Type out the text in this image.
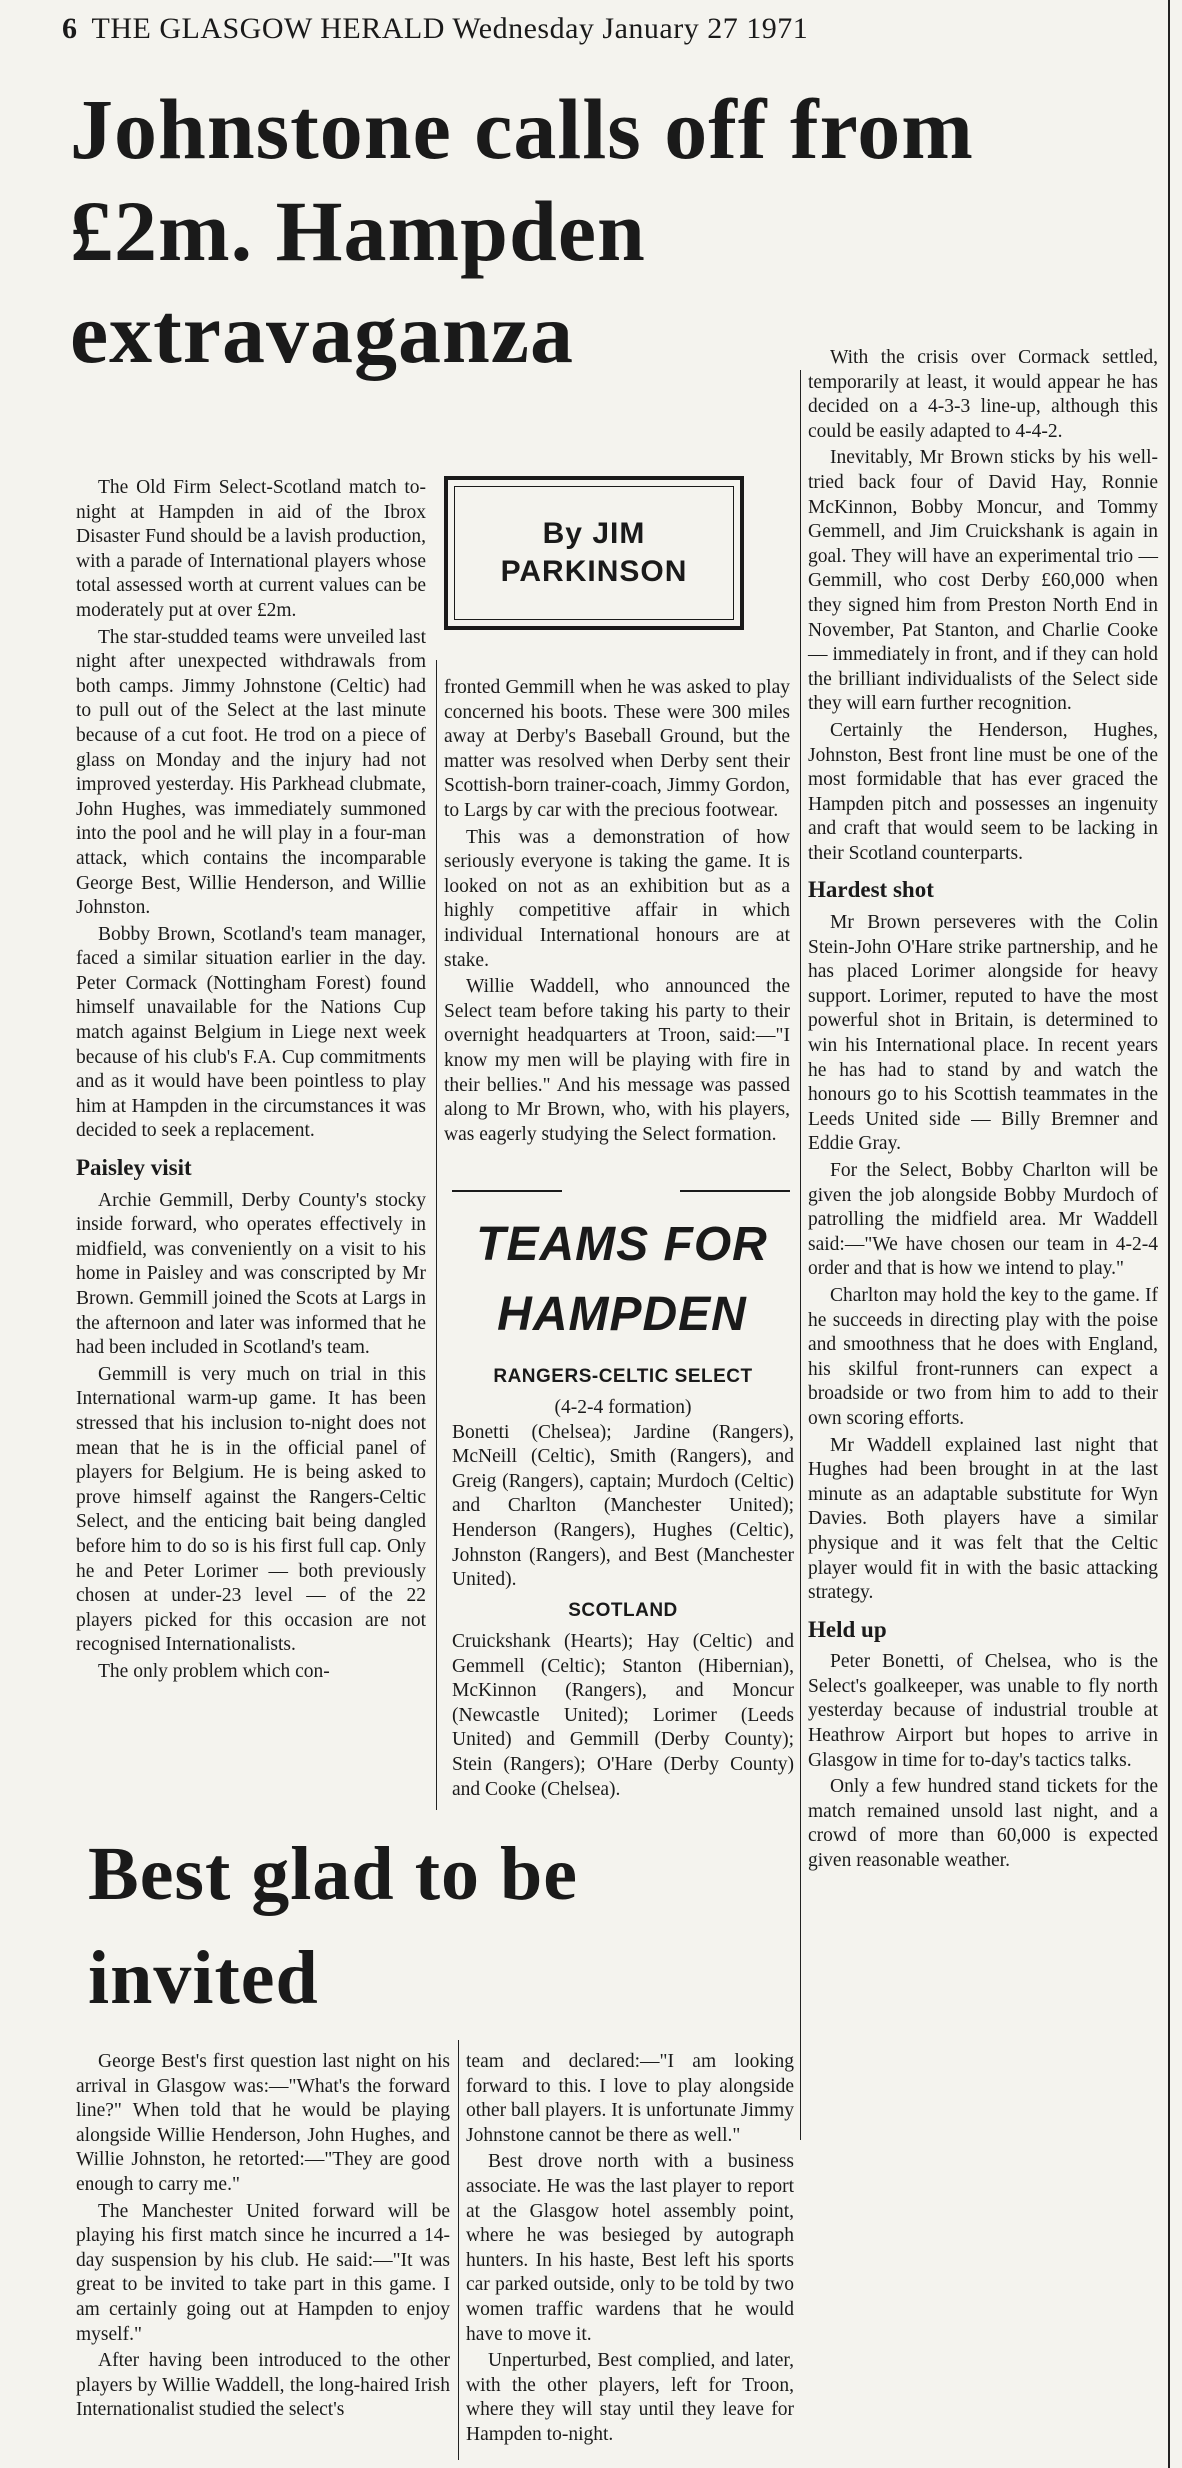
6 THE GLASGOW HERALD Wednesday January 27 1971
Johnstone calls off from £2m. Hampden extravaganza

The Old Firm Select-Scotland match to-night at Hampden in aid of the Ibrox Disaster Fund should be a lavish production, with a parade of International players whose total assessed worth at current values can be moderately put at over £2m.

The star-studded teams were unveiled last night after unexpected withdrawals from both camps. Jimmy Johnstone (Celtic) had to pull out of the Select at the last minute because of a cut foot. He trod on a piece of glass on Monday and the injury had not improved yesterday. His Parkhead clubmate, John Hughes, was immediately summoned into the pool and he will play in a four-man attack, which contains the incomparable George Best, Willie Henderson, and Willie Johnston.

Bobby Brown, Scotland's team manager, faced a similar situation earlier in the day. Peter Cormack (Nottingham Forest) found himself unavailable for the Nations Cup match against Belgium in Liege next week because of his club's F.A. Cup commitments and as it would have been pointless to play him at Hampden in the circumstances it was decided to seek a replacement.

Paisley visit

Archie Gemmill, Derby County's stocky inside forward, who operates effectively in midfield, was conveniently on a visit to his home in Paisley and was conscripted by Mr Brown. Gemmill joined the Scots at Largs in the afternoon and later was informed that he had been included in Scotland's team.

Gemmill is very much on trial in this International warm-up game. It has been stressed that his inclusion to-night does not mean that he is in the official panel of players for Belgium. He is being asked to prove himself against the Rangers-Celtic Select, and the enticing bait being dangled before him to do so is his first full cap. Only he and Peter Lorimer — both previously chosen at under-23 level — of the 22 players picked for this occasion are not recognised Internationalists.

The only problem which con-

By JIM PARKINSON

fronted Gemmill when he was asked to play concerned his boots. These were 300 miles away at Derby's Baseball Ground, but the matter was resolved when Derby sent their Scottish-born trainer-coach, Jimmy Gordon, to Largs by car with the precious footwear.

This was a demonstration of how seriously everyone is taking the game. It is looked on not as an exhibition but as a highly competitive affair in which individual International honours are at stake.

Willie Waddell, who announced the Select team before taking his party to their overnight headquarters at Troon, said:—"I know my men will be playing with fire in their bellies." And his message was passed along to Mr Brown, who, with his players, was eagerly studying the Select formation.

TEAMS FOR
HAMPDEN
RANGERS-CELTIC SELECT

(4-2-4 formation)

Bonetti (Chelsea); Jardine (Rangers), McNeill (Celtic), Smith (Rangers), and Greig (Rangers), captain; Murdoch (Celtic) and Charlton (Manchester United); Henderson (Rangers), Hughes (Celtic), Johnston (Rangers), and Best (Manchester United).

SCOTLAND

Cruickshank (Hearts); Hay (Celtic) and Gemmell (Celtic); Stanton (Hibernian), McKinnon (Rangers), and Moncur (Newcastle United); Lorimer (Leeds United) and Gemmill (Derby County); Stein (Rangers); O'Hare (Derby County) and Cooke (Chelsea).

With the crisis over Cormack settled, temporarily at least, it would appear he has decided on a 4-3-3 line-up, although this could be easily adapted to 4-4-2.

Inevitably, Mr Brown sticks by his well-tried back four of David Hay, Ronnie McKinnon, Bobby Moncur, and Tommy Gemmell, and Jim Cruickshank is again in goal. They will have an experimental trio — Gemmill, who cost Derby £60,000 when they signed him from Preston North End in November, Pat Stanton, and Charlie Cooke — immediately in front, and if they can hold the brilliant individualists of the Select side they will earn further recognition.

Certainly the Henderson, Hughes, Johnston, Best front line must be one of the most formidable that has ever graced the Hampden pitch and possesses an ingenuity and craft that would seem to be lacking in their Scotland counterparts.

Hardest shot

Mr Brown perseveres with the Colin Stein-John O'Hare strike partnership, and he has placed Lorimer alongside for heavy support. Lorimer, reputed to have the most powerful shot in Britain, is determined to win his International place. In recent years he has had to stand by and watch the honours go to his Scottish teammates in the Leeds United side — Billy Bremner and Eddie Gray.

For the Select, Bobby Charlton will be given the job alongside Bobby Murdoch of patrolling the midfield area. Mr Waddell said:—"We have chosen our team in 4-2-4 order and that is how we intend to play."

Charlton may hold the key to the game. If he succeeds in directing play with the poise and smoothness that he does with England, his skilful front-runners can expect a broadside or two from him to add to their own scoring efforts.

Mr Waddell explained last night that Hughes had been brought in at the last minute as an adaptable substitute for Wyn Davies. Both players have a similar physique and it was felt that the Celtic player would fit in with the basic attacking strategy.

Held up

Peter Bonetti, of Chelsea, who is the Select's goalkeeper, was unable to fly north yesterday because of industrial trouble at Heathrow Airport but hopes to arrive in Glasgow in time for to-day's tactics talks.

Only a few hundred stand tickets for the match remained unsold last night, and a crowd of more than 60,000 is expected given reasonable weather.

Best glad to be invited

George Best's first question last night on his arrival in Glasgow was:—"What's the forward line?" When told that he would be playing alongside Willie Henderson, John Hughes, and Willie Johnston, he retorted:—"They are good enough to carry me."

The Manchester United forward will be playing his first match since he incurred a 14-day suspension by his club. He said:—"It was great to be invited to take part in this game. I am certainly going out at Hampden to enjoy myself."

After having been introduced to the other players by Willie Waddell, the long-haired Irish Internationalist studied the select's

team and declared:—"I am looking forward to this. I love to play alongside other ball players. It is unfortunate Jimmy Johnstone cannot be there as well."

Best drove north with a business associate. He was the last player to report at the Glasgow hotel assembly point, where he was besieged by autograph hunters. In his haste, Best left his sports car parked outside, only to be told by two women traffic wardens that he would have to move it.

Unperturbed, Best complied, and later, with the other players, left for Troon, where they will stay until they leave for Hampden to-night.
